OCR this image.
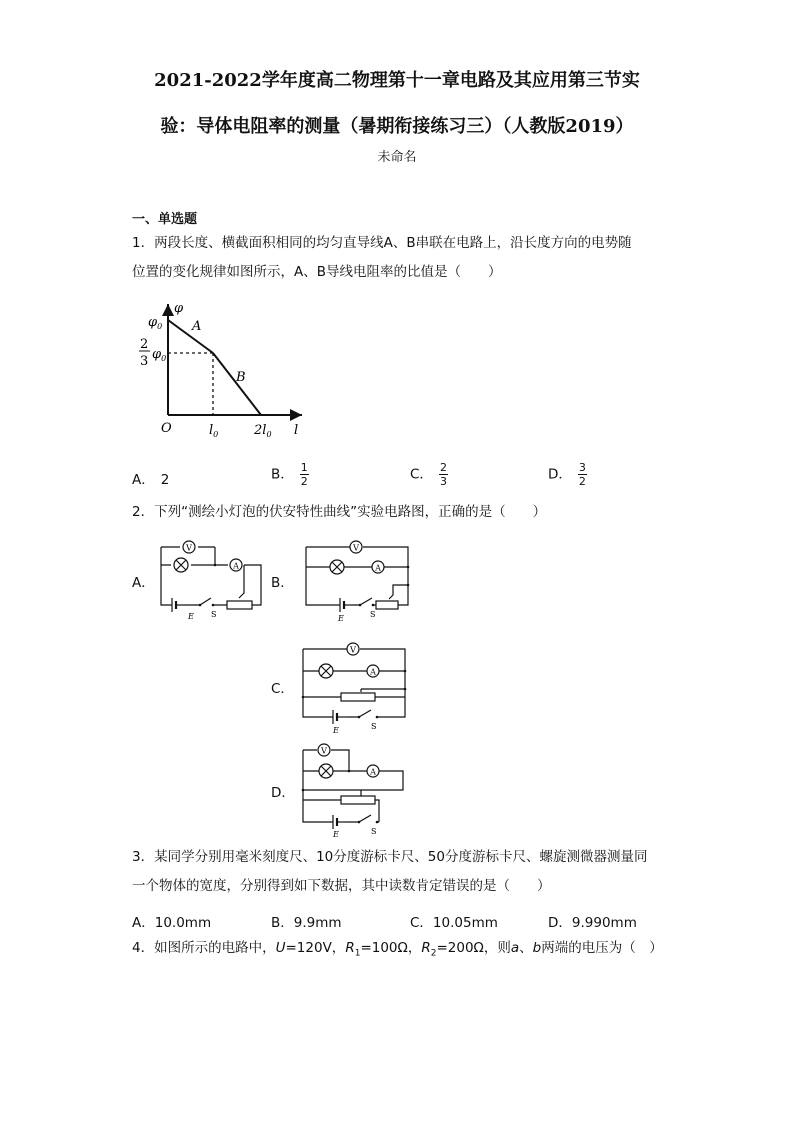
2021-2022学年度高二物理第十一章电路及其应用第三节实
验：导体电阻率的测量（暑期衔接练习三）（人教版2019）
未命名
一、单选题
1．两段长度、横截面积相同的均匀直导线A、B串联在电路上，沿长度方向的电势随
位置的变化规律如图所示，A、B导线电阻率的比值是（　　）
φ
$\varphi_0$
2
3 $\varphi_0$
A
B
O	$l_0$	$2l_0$ l
A． 2	B． $\frac{1}{2}$	C． $\frac{2}{3}$	D． $\frac{3}{2}$
2．下列“测绘小灯泡的伏安特性曲线”实验电路图，正确的是（　　）
A．
V
A
E S
B．
V
A
E	S
C．
V
A
E	S
D．
V
A
E	S
3．某同学分别用毫米刻度尺、10分度游标卡尺、50分度游标卡尺、螺旋测微器测量同
一个物体的宽度，分别得到如下数据，其中读数肯定错误的是（　　）
A．10.0mm	B．9.9mm	C．10.05mm	D．9.990mm
4．如图所示的电路中，U=120V，$R_1=100\Omega$，$R_2=200\Omega$，则a、b两端的电压为（　）
